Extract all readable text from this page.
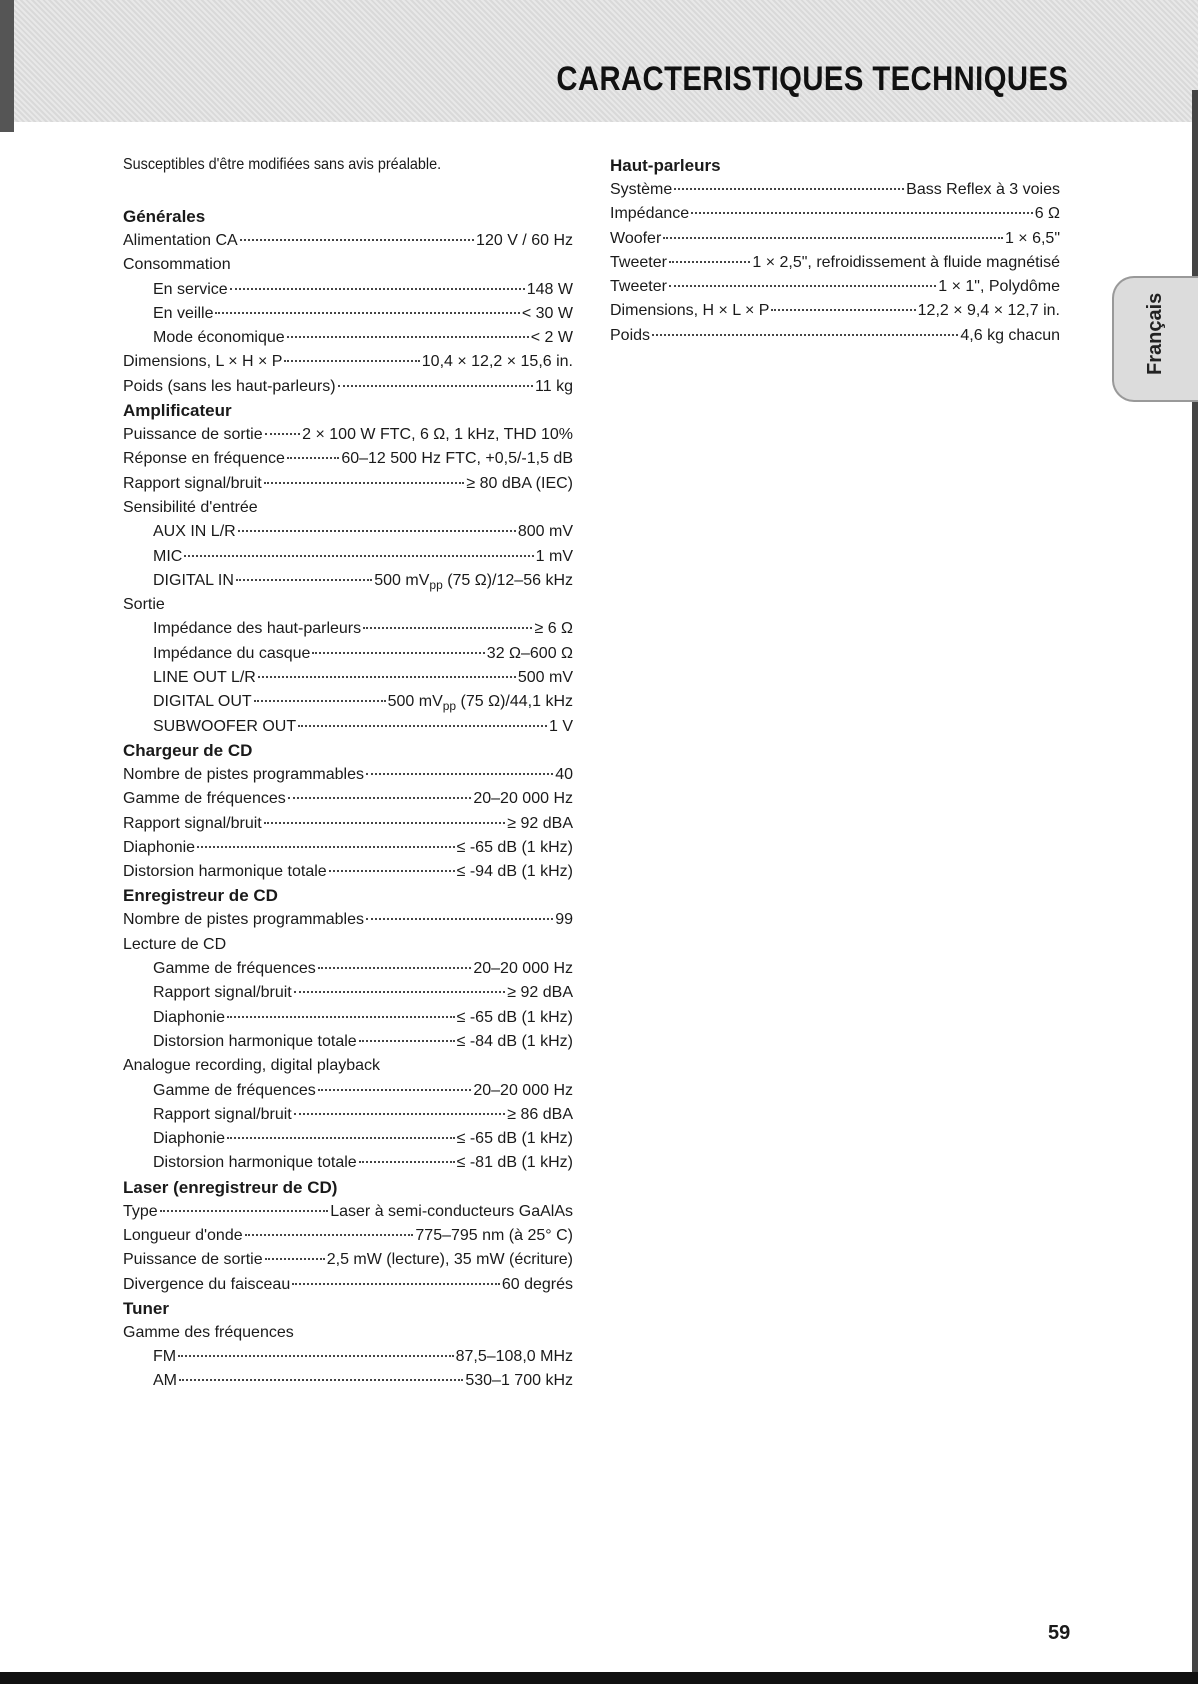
CARACTERISTIQUES TECHNIQUES
Français
Susceptibles d'être modifiées sans avis préalable.
Générales
Alimentation CA	120 V / 60 Hz
Consommation
En service	148 W
En veille	< 30 W
Mode économique	< 2 W
Dimensions, L × H × P	10,4 × 12,2 × 15,6 in.
Poids (sans les haut-parleurs)	11 kg
Amplificateur
Puissance de sortie 2 × 100 W FTC, 6 Ω, 1 kHz, THD 10%
Réponse en fréquence	60–12 500 Hz FTC, +0,5/-1,5 dB
Rapport signal/bruit	≥ 80 dBA (IEC)
Sensibilité d'entrée
AUX IN L/R	800 mV
MIC	1 mV
DIGITAL IN	500 $mV_{pp}$ (75 Ω)/12–56 kHz
Sortie
Impédance des haut-parleurs	≥ 6 Ω
Impédance du casque	32 Ω–600 Ω
LINE OUT L/R	500 mV
DIGITAL OUT	500 $mV_{pp}$ (75 Ω)/44,1 kHz
SUBWOOFER OUT	1 V
Chargeur de CD
Nombre de pistes programmables	40
Gamme de fréquences	20–20 000 Hz
Rapport signal/bruit	≥ 92 dBA
Diaphonie	≤ -65 dB (1 kHz)
Distorsion harmonique totale	≤ -94 dB (1 kHz)
Enregistreur de CD
Nombre de pistes programmables	99
Lecture de CD
Gamme de fréquences	20–20 000 Hz
Rapport signal/bruit	≥ 92 dBA
Diaphonie	≤ -65 dB (1 kHz)
Distorsion harmonique totale	≤ -84 dB (1 kHz)
Analogue recording, digital playback
Gamme de fréquences	20–20 000 Hz
Rapport signal/bruit	≥ 86 dBA
Diaphonie	≤ -65 dB (1 kHz)
Distorsion harmonique totale	≤ -81 dB (1 kHz)
Laser (enregistreur de CD)
Type	Laser à semi-conducteurs GaAlAs
Longueur d'onde	775–795 nm (à 25° C)
Puissance de sortie	2,5 mW (lecture), 35 mW (écriture)
Divergence du faisceau	60 degrés
Tuner
Gamme des fréquences
FM	87,5–108,0 MHz
AM	530–1 700 kHz
Haut-parleurs
Système	Bass Reflex à 3 voies
Impédance	6 Ω
Woofer	1 × 6,5"
Tweeter	1 × 2,5", refroidissement à fluide magnétisé
Tweeter	1 × 1", Polydôme
Dimensions, H × L × P	12,2 × 9,4 × 12,7 in.
Poids	4,6 kg chacun
59
